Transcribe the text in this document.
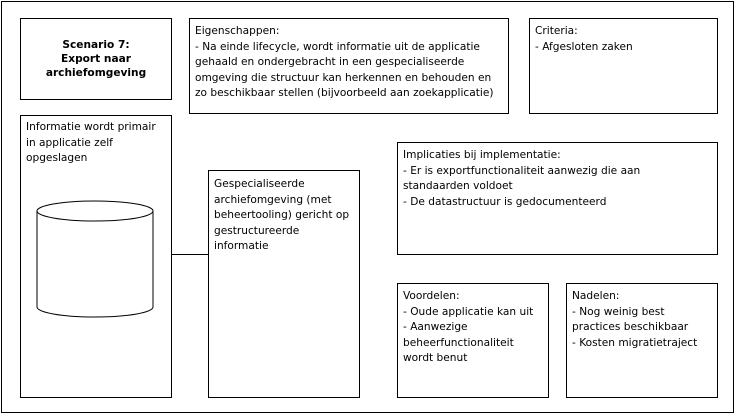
Scenario 7:
Export naar
archiefomgeving
Eigenschappen:
- Na einde lifecycle, wordt informatie uit de applicatie
gehaald en ondergebracht in een gespecialiseerde
omgeving die structuur kan herkennen en behouden en
zo beschikbaar stellen (bijvoorbeeld aan zoekapplicatie)
Criteria:
- Afgesloten zaken
Informatie wordt primair
in applicatie zelf
opgeslagen
Gespecialiseerde
archiefomgeving (met
beheertooling) gericht op
gestructureerde
informatie
Implicaties bij implementatie:
- Er is exportfunctionaliteit aanwezig die aan
standaarden voldoet
- De datastructuur is gedocumenteerd
Voordelen:
- Oude applicatie kan uit
- Aanwezige
beheerfunctionaliteit
wordt benut
Nadelen:
- Nog weinig best
practices beschikbaar
- Kosten migratietraject
